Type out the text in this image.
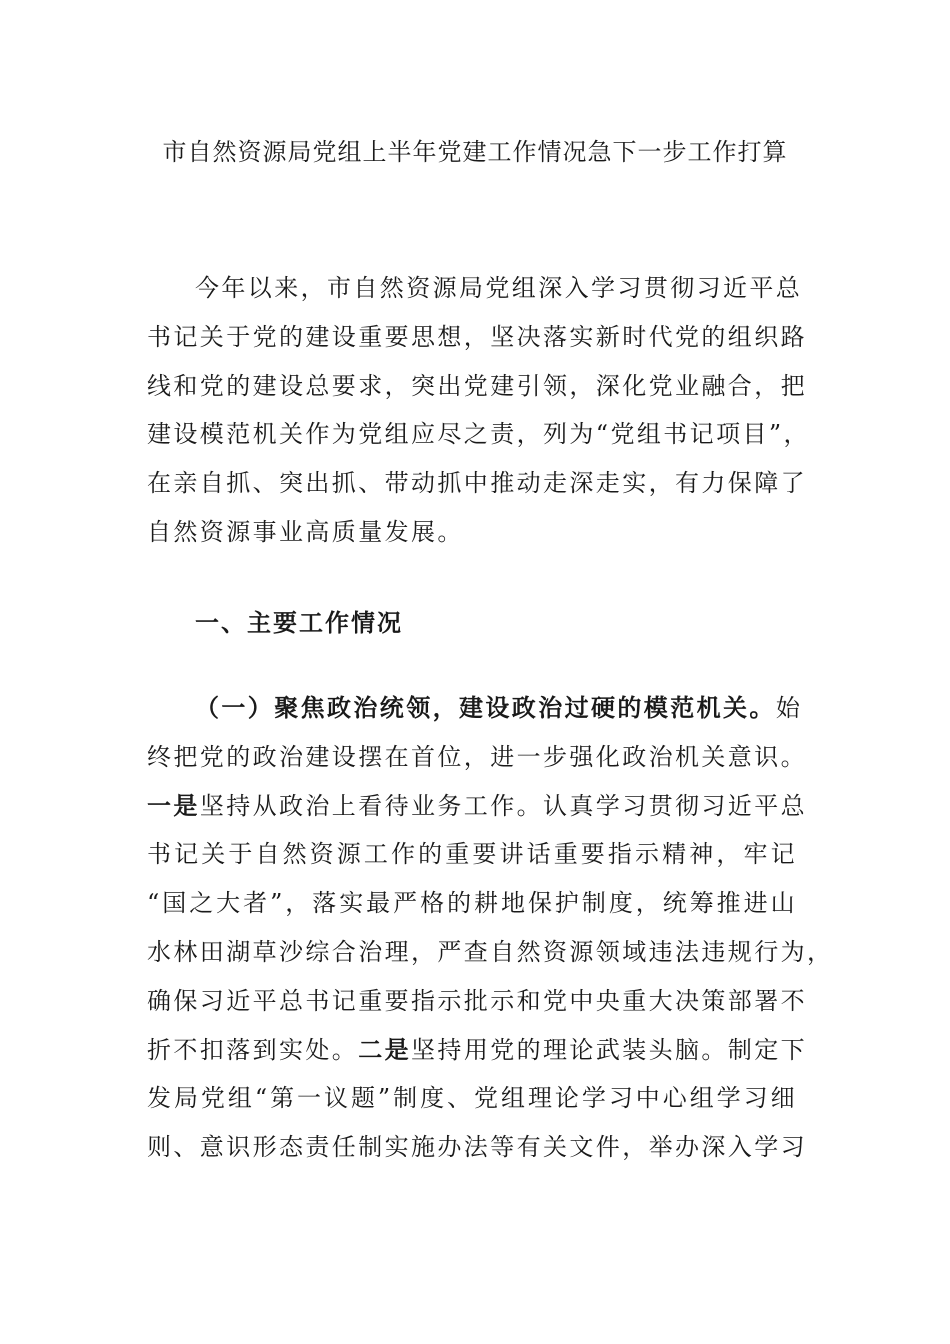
市自然资源局党组上半年党建工作情况急下一步工作打算
今年以来，市自然资源局党组深入学习贯彻习近平总
书记关于党的建设重要思想，坚决落实新时代党的组织路
线和党的建设总要求，突出党建引领，深化党业融合，把
建设模范机关作为党组应尽之责，列为“党组书记项目”，
在亲自抓、突出抓、带动抓中推动走深走实，有力保障了
自然资源事业高质量发展。
一、主要工作情况
（一）聚焦政治统领，建设政治过硬的模范机关。始
终把党的政治建设摆在首位，进一步强化政治机关意识。
一是坚持从政治上看待业务工作。认真学习贯彻习近平总
书记关于自然资源工作的重要讲话重要指示精神，牢记
“国之大者”，落实最严格的耕地保护制度，统筹推进山
水林田湖草沙综合治理，严查自然资源领域违法违规行为，
确保习近平总书记重要指示批示和党中央重大决策部署不
折不扣落到实处。二是坚持用党的理论武装头脑。制定下
发局党组“第一议题”制度、党组理论学习中心组学习细
则、意识形态责任制实施办法等有关文件，举办深入学习
